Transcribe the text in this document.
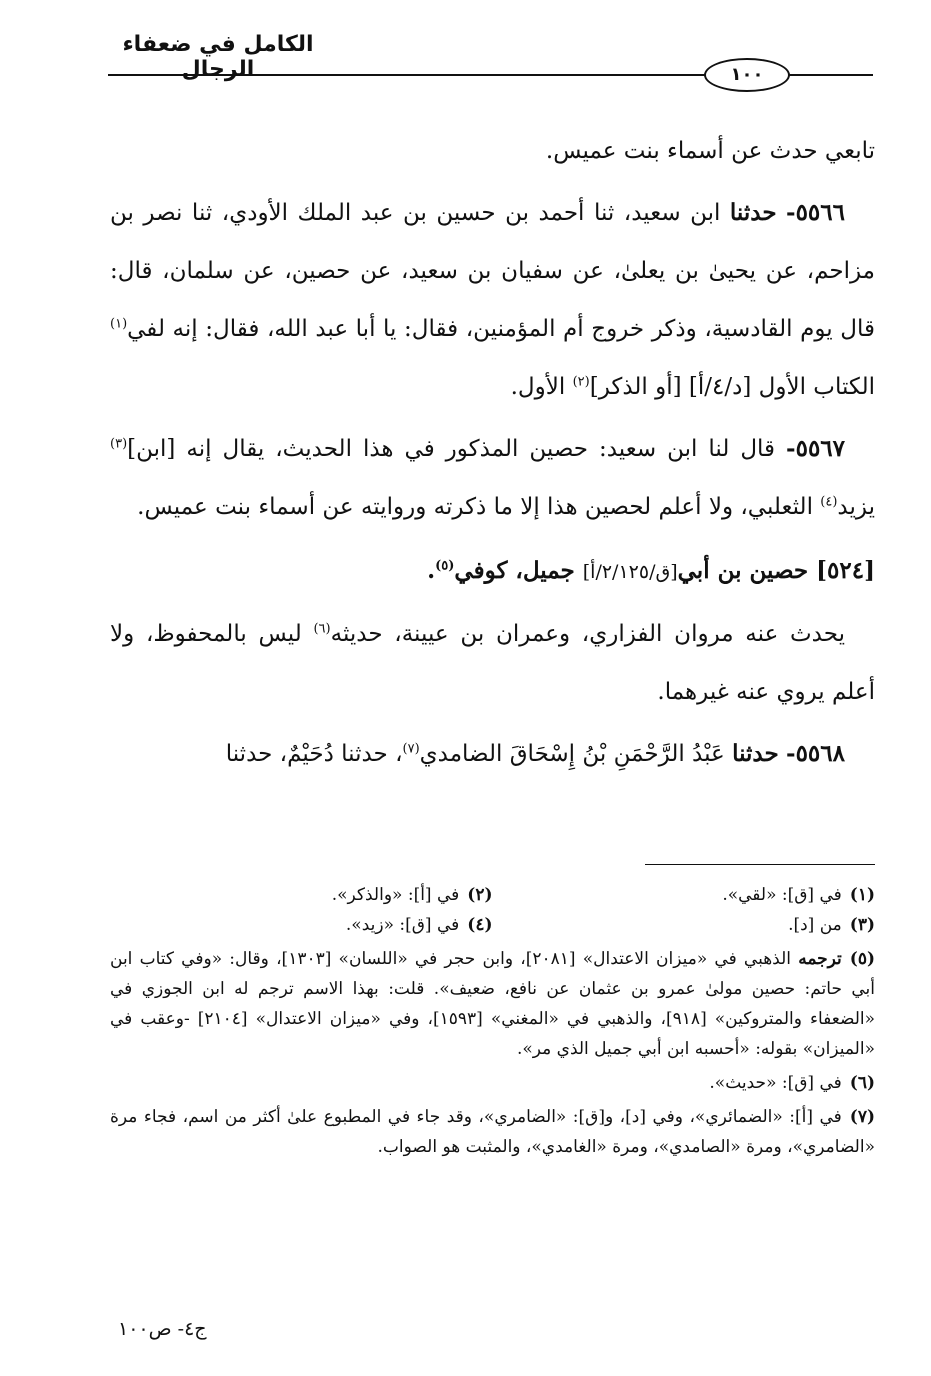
الكامل في ضعفاء الرجال	١٠٠

تابعي حدث عن أسماء بنت عميس.

٥٥٦٦- حدثنا ابن سعيد، ثنا أحمد بن حسين بن عبد الملك الأودي، ثنا نصر بن مزاحم، عن يحيىٰ بن يعلىٰ، عن سفيان بن سعيد، عن حصين، عن سلمان، قال: قال يوم القادسية، وذكر خروج أم المؤمنين، فقال: يا أبا عبد الله، فقال: إنه لفي$^{(١)}$ الكتاب الأول [د/٤/أ] [أو الذكر]$^{(٢)}$ الأول.

٥٥٦٧- قال لنا ابن سعيد: حصين المذكور في هذا الحديث، يقال إنه [ابن]$^{(٣)}$ يزيد$^{(٤)}$ الثعلبي، ولا أعلم لحصين هذا إلا ما ذكرته وروايته عن أسماء بنت عميس.

[٥٢٤] حصين بن أبي[ق/٢/١٢٥/أ] جميل، كوفي$^{(٥)}$.

يحدث عنه مروان الفزاري، وعمران بن عيينة، حديثه$^{(٦)}$ ليس بالمحفوظ، ولا أعلم يروي عنه غيرهما.

٥٥٦٨- حدثنا عَبْدُ الرَّحْمَنِ بْنُ إِسْحَاقَ الضامدي$^{(٧)}$، حدثنا دُحَيْمٌ، حدثنا

(١)في [ق]: «لقي».
(٢)في [أ]: «والذكر».
(٣)من [د].
(٤)في [ق]: «زيد».
(٥)ترجمه الذهبي في «ميزان الاعتدال» [٢٠٨١]، وابن حجر في «اللسان» [١٣٠٣]، وقال: «وفي كتاب ابن أبي حاتم: حصين مولىٰ عمرو بن عثمان عن نافع، ضعيف». قلت: بهذا الاسم ترجم له ابن الجوزي في «الضعفاء والمتروكين» [٩١٨]، والذهبي في «المغني» [١٥٩٣]، وفي «ميزان الاعتدال» [٢١٠٤] -وعقب في «الميزان» بقوله: «أحسبه ابن أبي جميل الذي مر».
(٦)في [ق]: «حديث».
(٧)في [أ]: «الضمائري»، وفي [د]، و[ق]: «الضامري»، وقد جاء في المطبوع علىٰ أكثر من اسم، فجاء مرة «الضامري»، ومرة «الصامدي»، ومرة «الغامدي»، والمثبت هو الصواب.
ج٤- ص١٠٠
